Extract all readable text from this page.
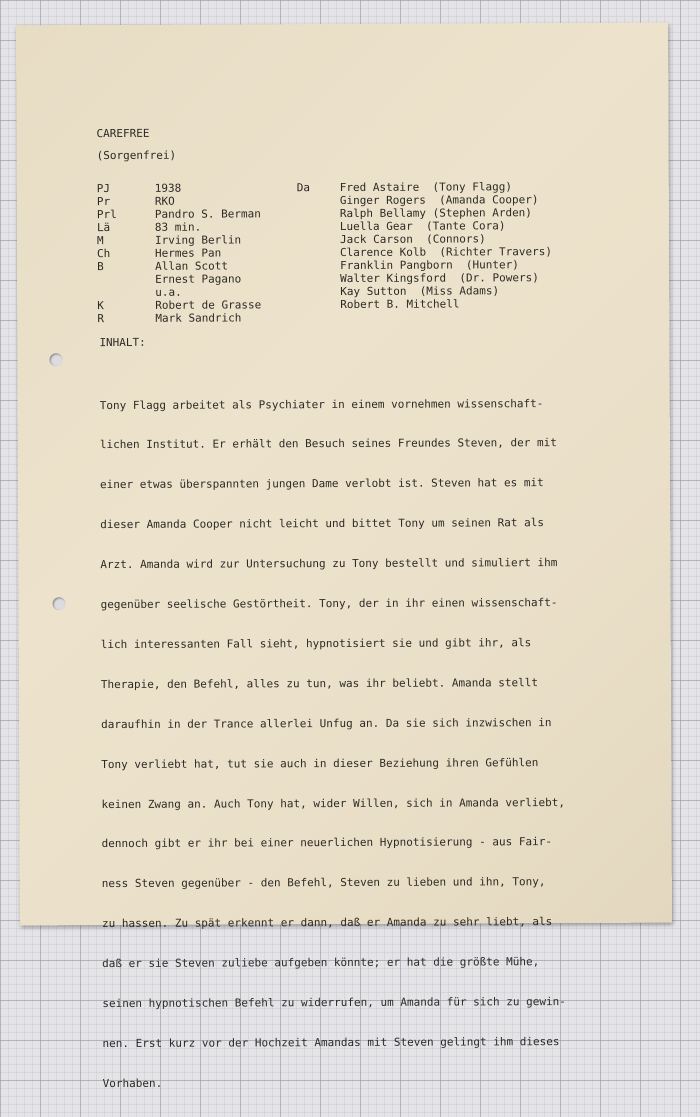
CAREFREE
(Sorgenfrei)
PJ
Pr
Prl
Lä
M
Ch
B
K
R
1938
RKO
Pandro S. Berman
83 min.
Irving Berlin
Hermes Pan
Allan Scott
Ernest Pagano
u.a.
Robert de Grasse
Mark Sandrich
Da	Fred Astaire  (Tony Flagg)
Ginger Rogers  (Amanda Cooper)
Ralph Bellamy (Stephen Arden)
Luella Gear  (Tante Cora)
Jack Carson  (Connors)
Clarence Kolb  (Richter Travers)
Franklin Pangborn  (Hunter)
Walter Kingsford  (Dr. Powers)
Kay Sutton  (Miss Adams)
Robert B. Mitchell
INHALT:

Tony Flagg arbeitet als Psychiater in einem vornehmen wissenschaft-

lichen Institut. Er erhält den Besuch seines Freundes Steven, der mit

einer etwas überspannten jungen Dame verlobt ist. Steven hat es mit

dieser Amanda Cooper nicht leicht und bittet Tony um seinen Rat als

Arzt. Amanda wird zur Untersuchung zu Tony bestellt und simuliert ihm

gegenüber seelische Gestörtheit. Tony, der in ihr einen wissenschaft-

lich interessanten Fall sieht, hypnotisiert sie und gibt ihr, als

Therapie, den Befehl, alles zu tun, was ihr beliebt. Amanda stellt

daraufhin in der Trance allerlei Unfug an. Da sie sich inzwischen in

Tony verliebt hat, tut sie auch in dieser Beziehung ihren Gefühlen

keinen Zwang an. Auch Tony hat, wider Willen, sich in Amanda verliebt,

dennoch gibt er ihr bei einer neuerlichen Hypnotisierung - aus Fair-

ness Steven gegenüber - den Befehl, Steven zu lieben und ihn, Tony,

zu hassen. Zu spät erkennt er dann, daß er Amanda zu sehr liebt, als

daß er sie Steven zuliebe aufgeben könnte; er hat die größte Mühe,

seinen hypnotischen Befehl zu widerrufen, um Amanda für sich zu gewin-

nen. Erst kurz vor der Hochzeit Amandas mit Steven gelingt ihm dieses

Vorhaben.
